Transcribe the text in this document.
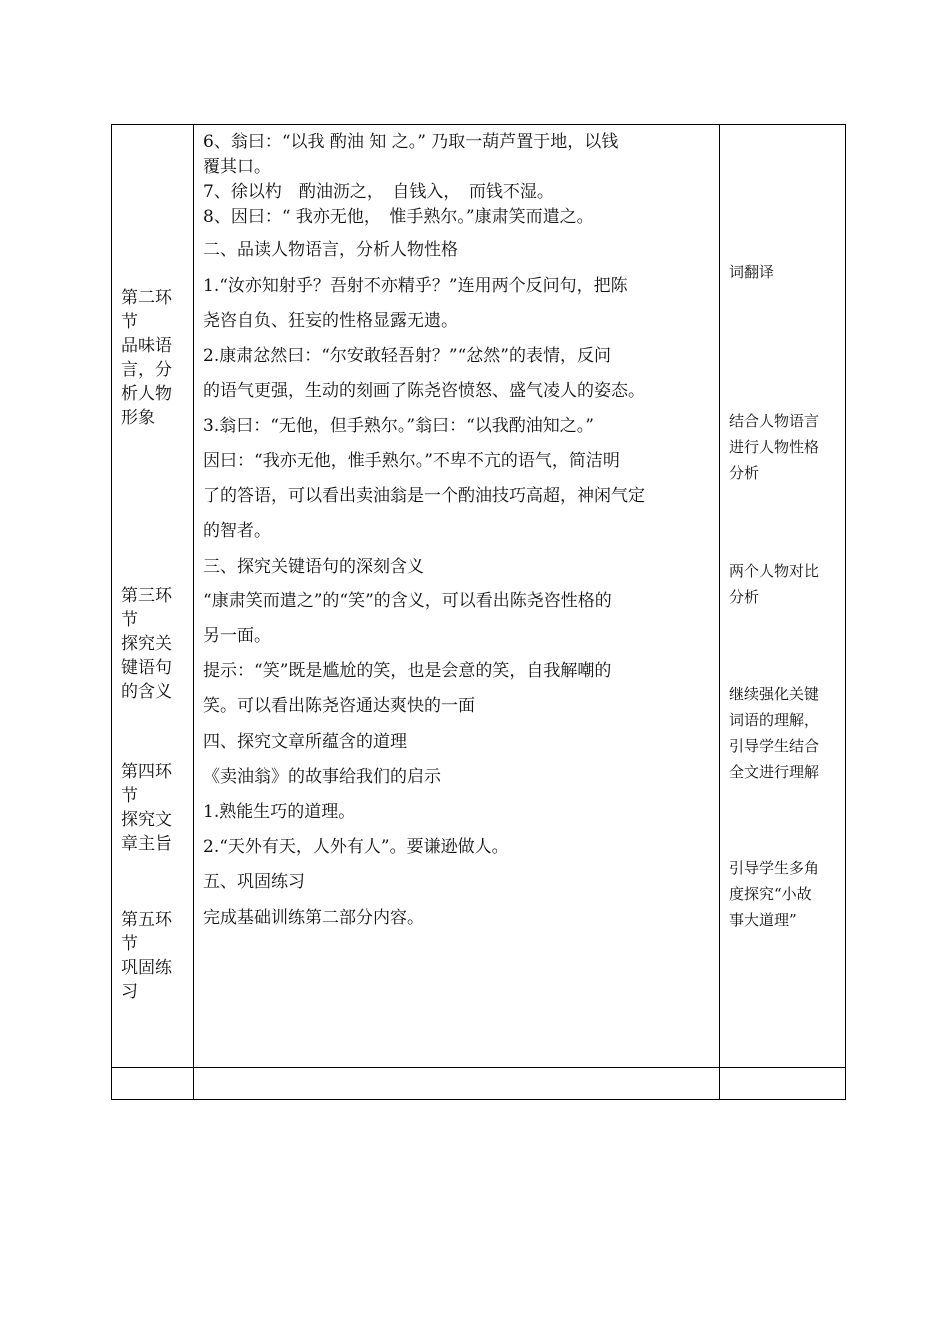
第二环
节
品味语
言，分
析人物
形象
第三环
节
探究关
键语句
的含义
第四环
节
探究文
章主旨
第五环
节
巩固练
习
6、翁曰：“以我 酌油 知 之。” 乃取一葫芦置于地，以钱
覆其口。
7、徐以杓　酌油沥之，　自钱入，　而钱不湿。
8、因曰：“ 我亦无他，　惟手熟尔。”康肃笑而遣之。
二、品读人物语言，分析人物性格
1.“汝亦知射乎？吾射不亦精乎？”连用两个反问句，把陈
尧咨自负、狂妄的性格显露无遗。
2.康肃忿然曰：“尔安敢轻吾射？”“忿然”的表情，反问
的语气更强，生动的刻画了陈尧咨愤怒、盛气凌人的姿态。
3.翁曰：“无他，但手熟尔。”翁曰：“以我酌油知之。”
因曰：“我亦无他，惟手熟尔。”不卑不亢的语气，简洁明
了的答语，可以看出卖油翁是一个酌油技巧高超，神闲气定
的智者。
三、探究关键语句的深刻含义
“康肃笑而遣之”的“笑”的含义，可以看出陈尧咨性格的
另一面。
提示：“笑”既是尴尬的笑，也是会意的笑，自我解嘲的
笑。可以看出陈尧咨通达爽快的一面
四、探究文章所蕴含的道理
《卖油翁》的故事给我们的启示
1.熟能生巧的道理。
2.“天外有天，人外有人”。要谦逊做人。
五、巩固练习
完成基础训练第二部分内容。
词翻译
结合人物语言
进行人物性格
分析
两个人物对比
分析
继续强化关键
词语的理解，
引导学生结合
全文进行理解
引导学生多角
度探究“小故
事大道理”
